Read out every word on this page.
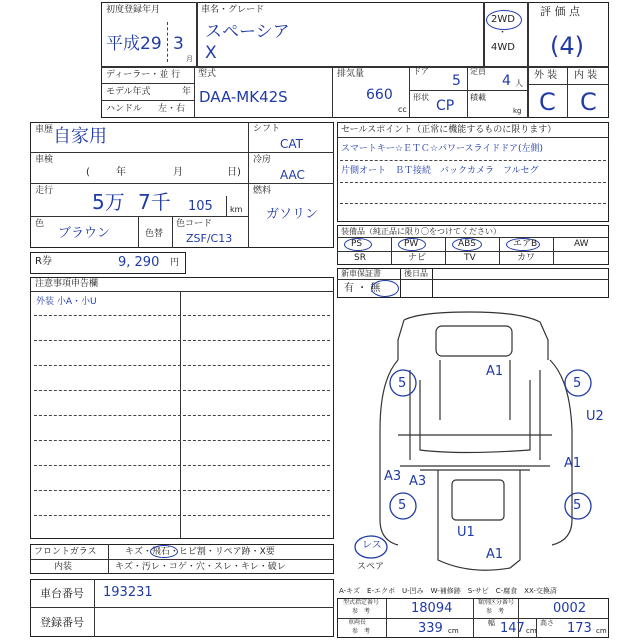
初度登録年月
平成29 3
月
車名・グレード
スペーシア
X
2WD
・
4WD
評 価 点
(4)
外 装 内 装
C C
ディーラー・並 行
モデル年式	年
ハンドル 左・右
型式
DAA-MK42S
排気量
660
cc
ドア
5
定員
4 人
形状
CP
積載
kg
車歴 自家用
車検
(	年	月	日)
走行 5万 7千 105 km
色
ブラウン	色替
色コード
ZSF/C13
シフト
CAT
冷房
AAC
燃料
ガソリン
R券	9, 290 円
セールスポイント（正常に機能するものに限ります）
スマートキー☆ＥＴＣ☆パワースライドドア(左側)
片側オート　ＢＴ接続　バックカメラ　フルセグ
装備品（純正品に限り〇をつけてください）
PS	PW	ABS	エアB	AW
SR	ナビ	TV	カワ
新車保証書
有 ・ 無
後日品
注意事項申告欄
外装 小A・小U
A1
5	5
U2
A1
A3 A3
5	5
U1
A1
レス
スペア
フロントガラス	キズ・飛石・ヒビ割・リペア跡・X要
内装	キズ・汚レ・コゲ・穴・スレ・キレ・破レ
車台番号 193231
登録番号
A-キズ　E-エクボ　U-凹み　W-補修跡　S-サビ　C-腐食　XX-交換済
型式指定番号
参　考	18094	類別区分番号
参　考	0002
車両長
参　考	339 cm
幅 147 cm
高さ 173 cm
